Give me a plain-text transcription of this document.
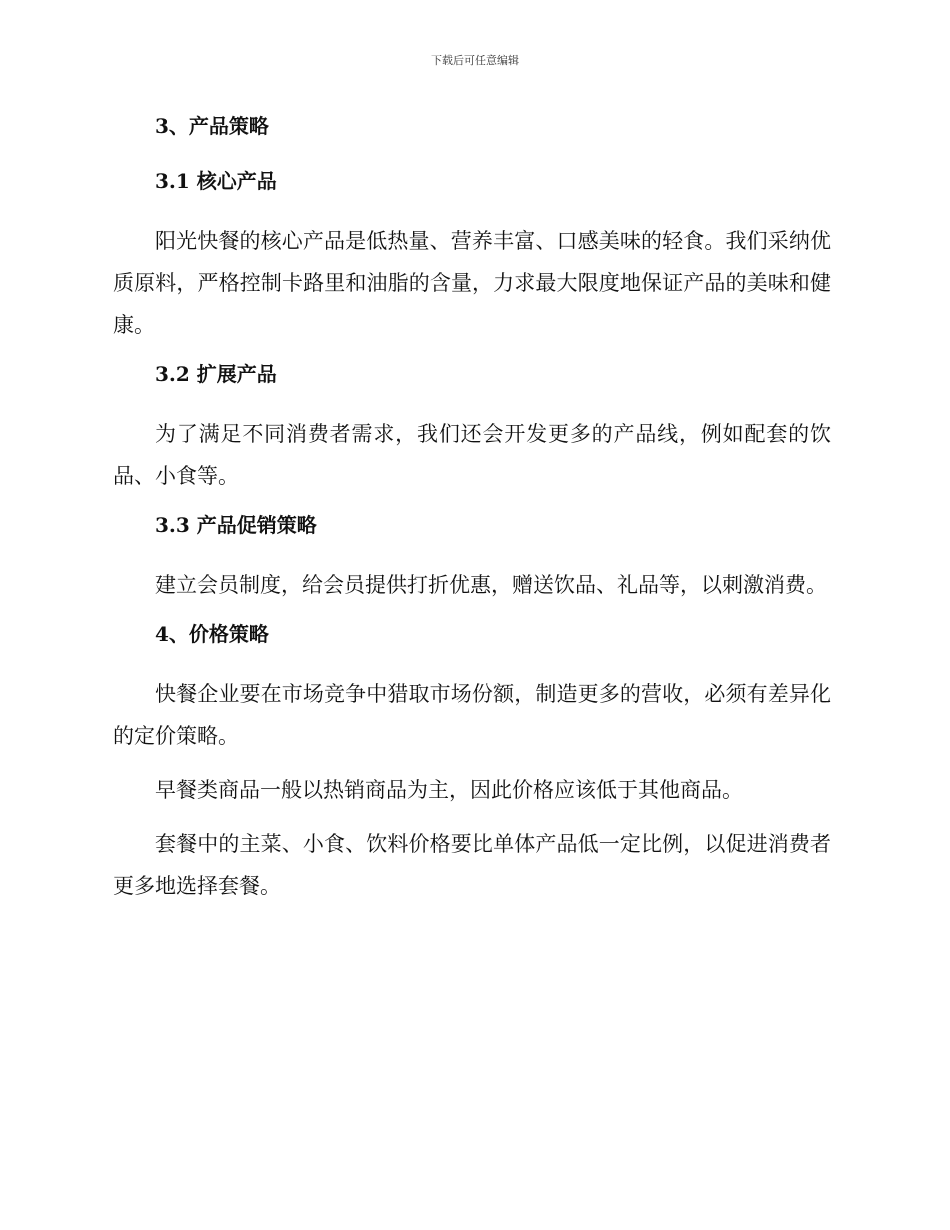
下载后可任意编辑
3、产品策略
3.1 核心产品

阳光快餐的核心产品是低热量、营养丰富、口感美味的轻食。我们采纳优质原料，严格控制卡路里和油脂的含量，力求最大限度地保证产品的美味和健康。

3.2 扩展产品

为了满足不同消费者需求，我们还会开发更多的产品线，例如配套的饮品、小食等。

3.3 产品促销策略

建立会员制度，给会员提供打折优惠，赠送饮品、礼品等，以刺激消费。

4、价格策略

快餐企业要在市场竞争中猎取市场份额，制造更多的营收，必须有差异化的定价策略。

早餐类商品一般以热销商品为主，因此价格应该低于其他商品。

套餐中的主菜、小食、饮料价格要比单体产品低一定比例，以促进消费者更多地选择套餐。
